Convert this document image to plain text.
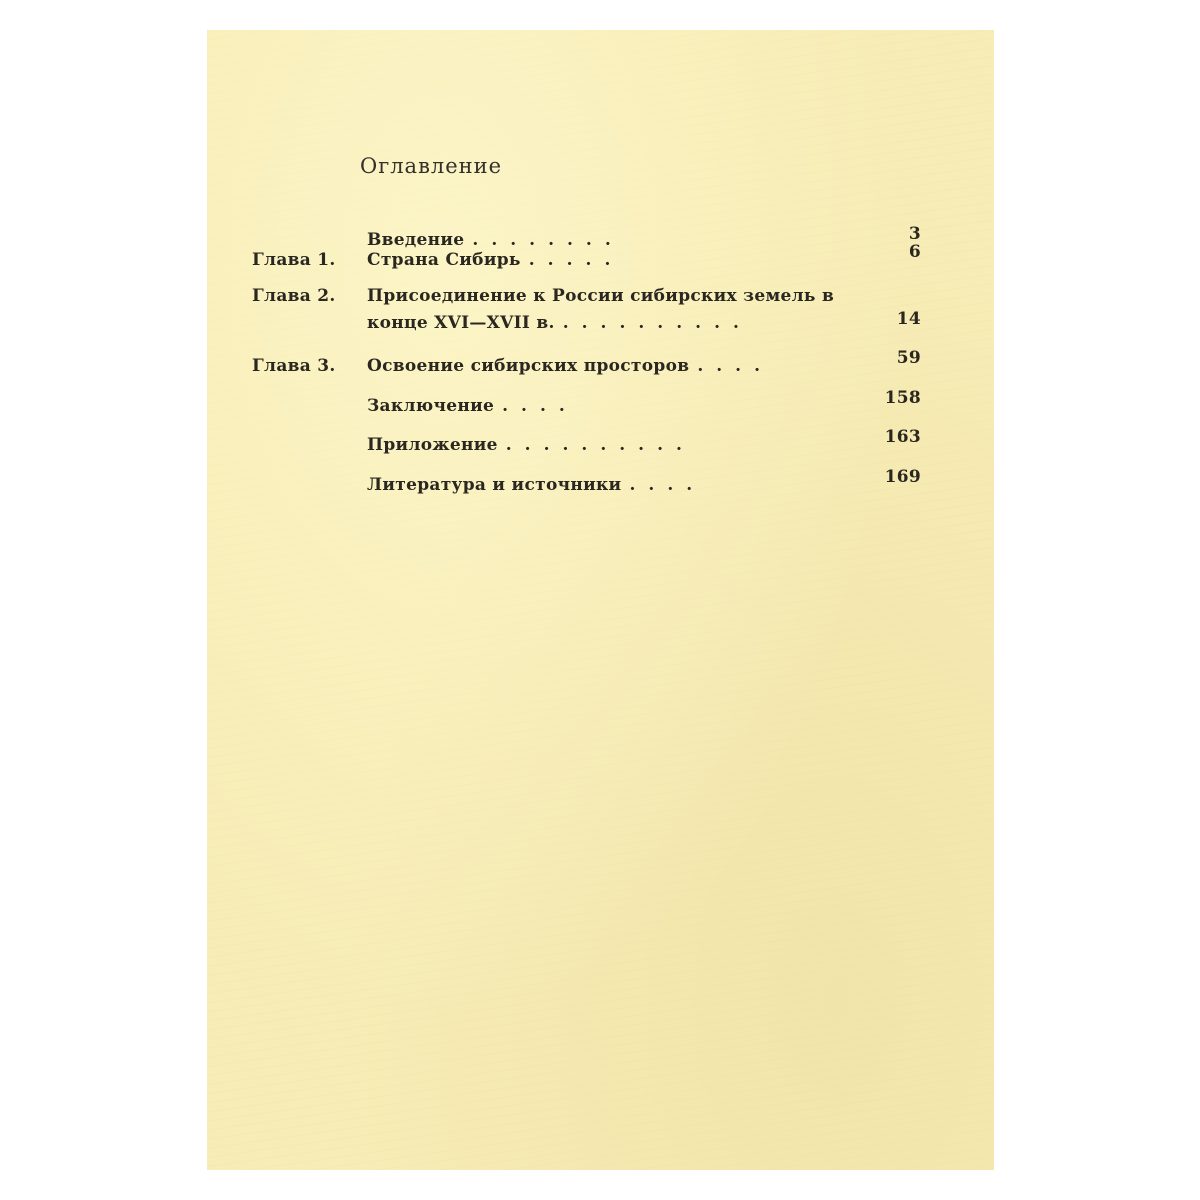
Оглавление
Введение ........	3
Глава 1. Страна Сибирь .....	6
Глава 2. Присоединение к России сибирских земель в
конце XVI—XVII в. ..........	14
Глава 3. Освоение сибирских просторов ....	59
Заключение ....	158
Приложение ..........	163
Литература и источники ....	169
